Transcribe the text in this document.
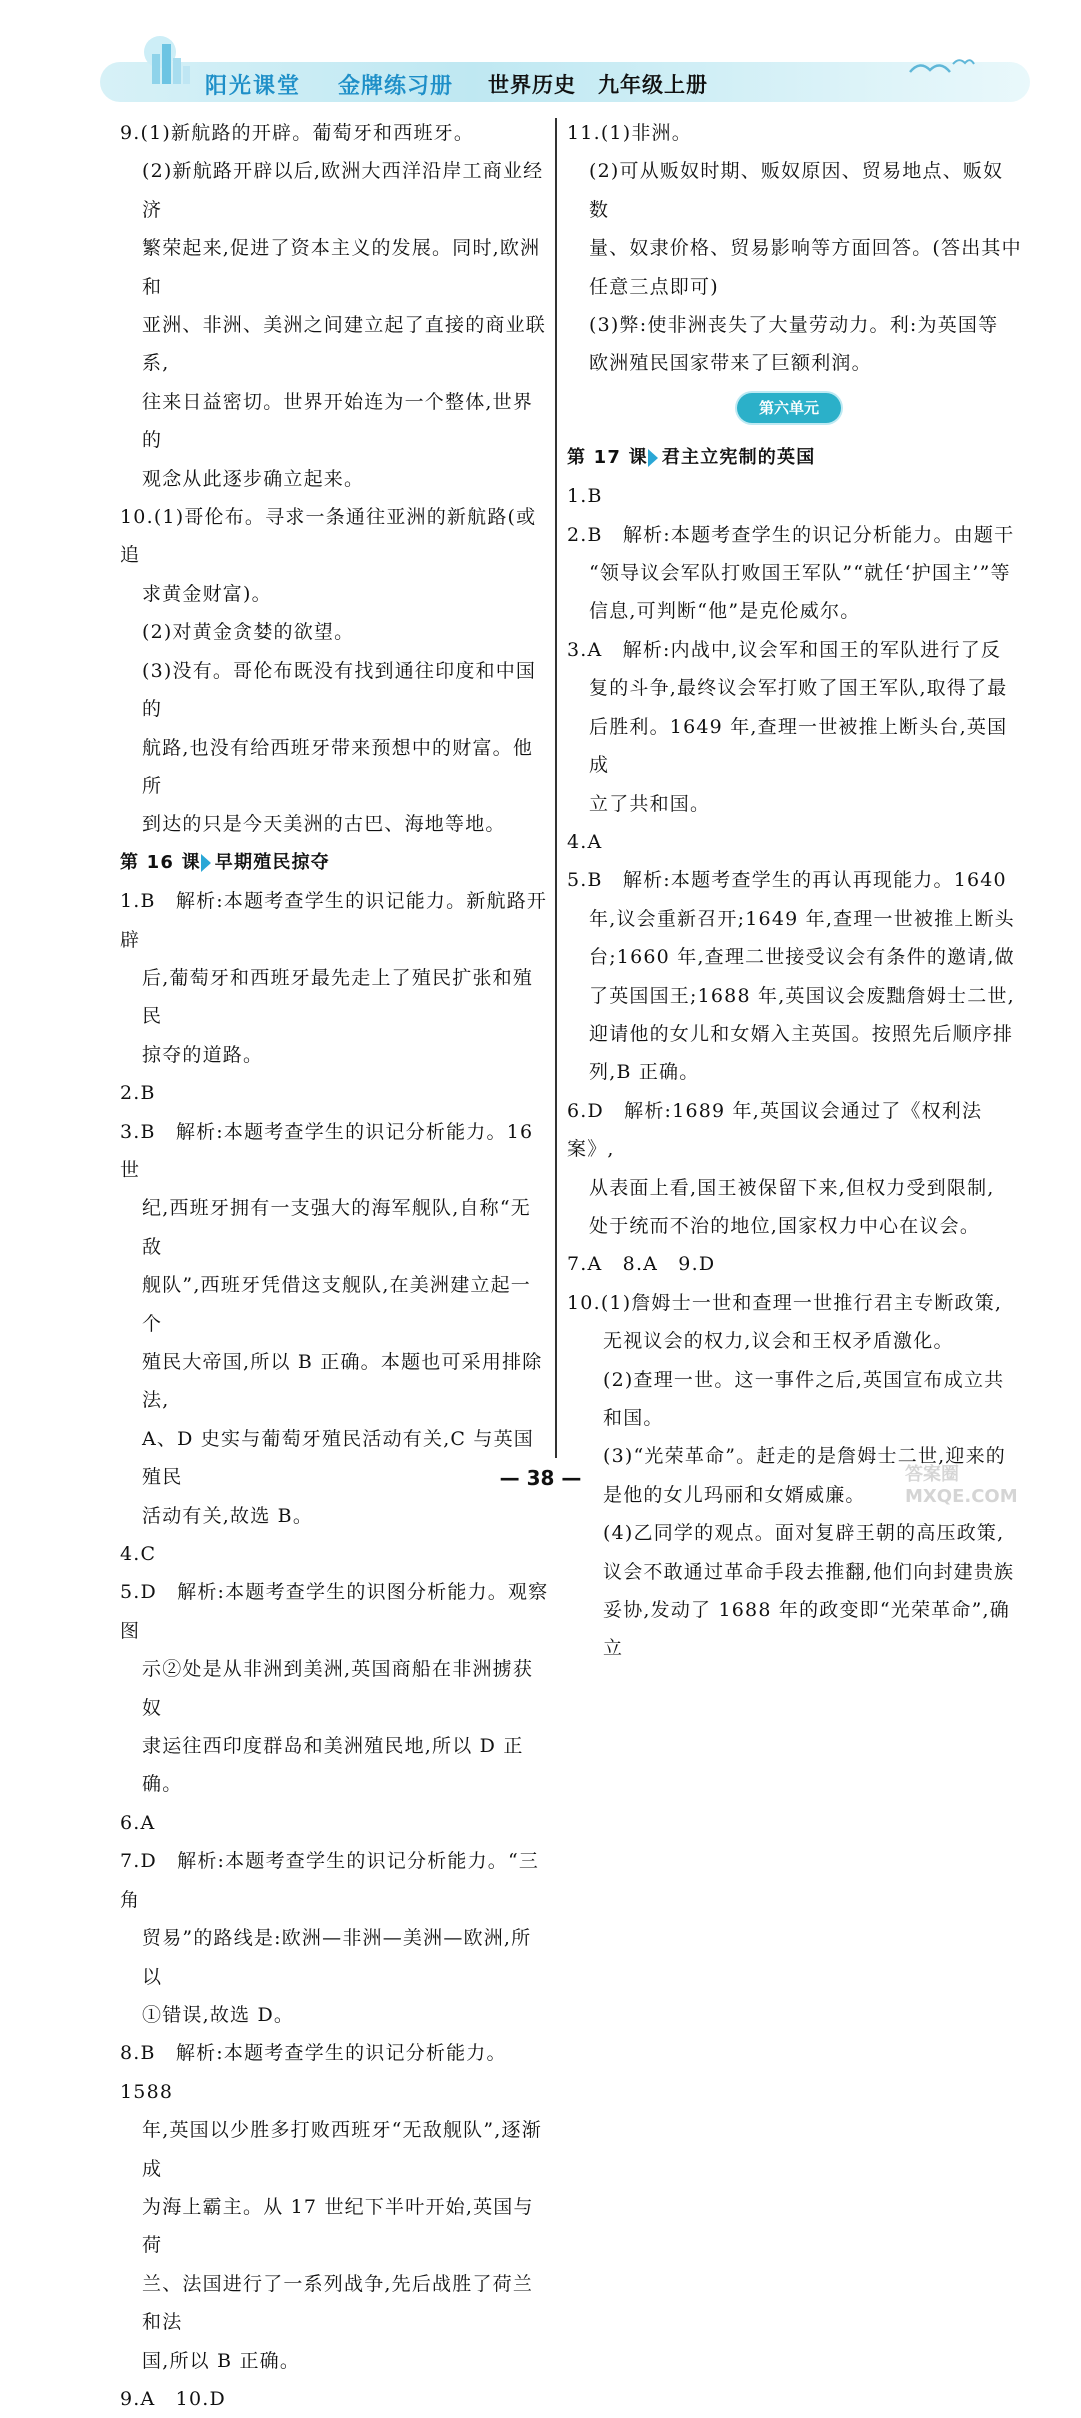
阳光课堂 金牌练习册 世界历史 九年级上册

9.(1)新航路的开辟。葡萄牙和西班牙。

(2)新航路开辟以后,欧洲大西洋沿岸工商业经济

繁荣起来,促进了资本主义的发展。同时,欧洲和

亚洲、非洲、美洲之间建立起了直接的商业联系,

往来日益密切。世界开始连为一个整体,世界的

观念从此逐步确立起来。

10.(1)哥伦布。寻求一条通往亚洲的新航路(或追

求黄金财富)。

(2)对黄金贪婪的欲望。

(3)没有。哥伦布既没有找到通往印度和中国的

航路,也没有给西班牙带来预想中的财富。他所

到达的只是今天美洲的古巴、海地等地。

第 16 课 早期殖民掠夺

1.B　解析:本题考查学生的识记能力。新航路开辟

后,葡萄牙和西班牙最先走上了殖民扩张和殖民

掠夺的道路。

2.B

3.B　解析:本题考查学生的识记分析能力。16 世

纪,西班牙拥有一支强大的海军舰队,自称“无敌

舰队”,西班牙凭借这支舰队,在美洲建立起一个

殖民大帝国,所以 B 正确。本题也可采用排除法,

A、D 史实与葡萄牙殖民活动有关,C 与英国殖民

活动有关,故选 B。

4.C

5.D　解析:本题考查学生的识图分析能力。观察图

示②处是从非洲到美洲,英国商船在非洲掳获奴

隶运往西印度群岛和美洲殖民地,所以 D 正确。

6.A

7.D　解析:本题考查学生的识记分析能力。“三角

贸易”的路线是:欧洲—非洲—美洲—欧洲,所以

①错误,故选 D。

8.B　解析:本题考查学生的识记分析能力。1588

年,英国以少胜多打败西班牙“无敌舰队”,逐渐成

为海上霸主。从 17 世纪下半叶开始,英国与荷

兰、法国进行了一系列战争,先后战胜了荷兰和法

国,所以 B 正确。

9.A　10.D

11.(1)非洲。

(2)可从贩奴时期、贩奴原因、贸易地点、贩奴数

量、奴隶价格、贸易影响等方面回答。(答出其中

任意三点即可)

(3)弊:使非洲丧失了大量劳动力。利:为英国等

欧洲殖民国家带来了巨额利润。

第六单元

第 17 课 君主立宪制的英国

1.B

2.B　解析:本题考查学生的识记分析能力。由题干

“领导议会军队打败国王军队”“就任‘护国主’”等

信息,可判断“他”是克伦威尔。

3.A　解析:内战中,议会军和国王的军队进行了反

复的斗争,最终议会军打败了国王军队,取得了最

后胜利。1649 年,查理一世被推上断头台,英国成

立了共和国。

4.A

5.B　解析:本题考查学生的再认再现能力。1640

年,议会重新召开;1649 年,查理一世被推上断头

台;1660 年,查理二世接受议会有条件的邀请,做

了英国国王;1688 年,英国议会废黜詹姆士二世,

迎请他的女儿和女婿入主英国。按照先后顺序排

列,B 正确。

6.D　解析:1689 年,英国议会通过了《权利法案》,

从表面上看,国王被保留下来,但权力受到限制,

处于统而不治的地位,国家权力中心在议会。

7.A　8.A　9.D

10.(1)詹姆士一世和查理一世推行君主专断政策,

无视议会的权力,议会和王权矛盾激化。

(2)查理一世。这一事件之后,英国宣布成立共

和国。

(3)“光荣革命”。赶走的是詹姆士二世,迎来的

是他的女儿玛丽和女婿威廉。

(4)乙同学的观点。面对复辟王朝的高压政策,

议会不敢通过革命手段去推翻,他们向封建贵族

妥协,发动了 1688 年的政变即“光荣革命”,确立

— 38 —	答案圈 MXQE.COM
